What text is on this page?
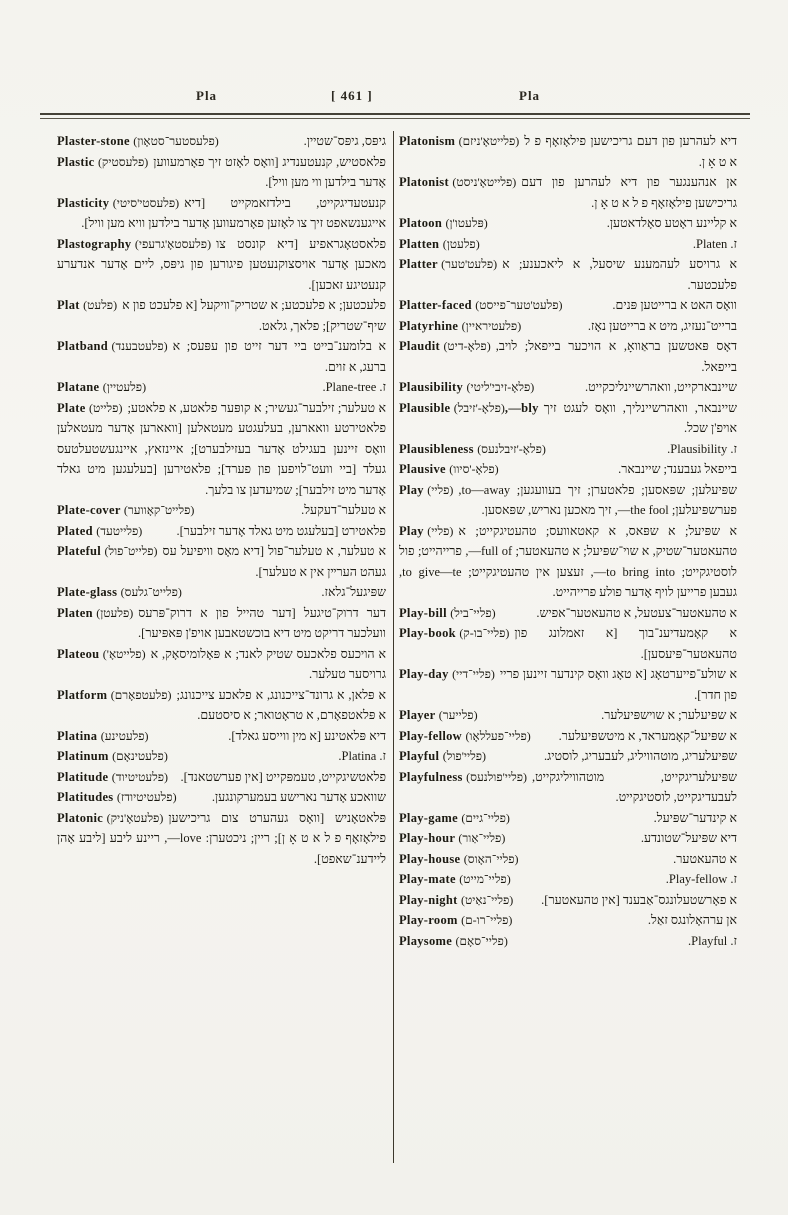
Pla	[ 461 ]	Pla
Plaster-stone (פלעסטער־סטאָון)	גיפּס, גיפּס־שטיין.
Plastic (פלעסטיק) פלאסטיש, קנעטענדיג [וואָס לאָזט זיך פאָרמעווען אָדער בילדען ווי מען וויל].
Plasticity (פלעסטי'סיטי) קנעטעדיגקייט, בילדזאמקייט [דיא אייגענשאפט זיך צו לאָזען פאָרמעווען אָדער בילדען וויא מען וויל].
Plastography (פלעסטאָ'גרעפי) פלאסטאָגראפיע [דיא קונסט צו מאכען אָדער אויסצוקנעטען פיגורען פון גיפּס, ליים אָדער אנדערע קנעטיגע זאכען].
Plat (פלעט) פלעכטען; א פלעכטע; א שטריק־וויקעל [א פלעכט פון א שיף־שטריק]; פלאך, גלאט.
Platband (פלעטבענד) א בלומענ־בייט ביי דער זייט פון עפּעס; א ברעג, א זוים.
Platane (פלעטיין)	ז. Plane-tree.
Plate (פלייט) א טעלער; זילבער־געשיר; א קופּער פלאטע, א פלאטע; פלאטירטע וואארען, בעלעגטע מעטאלען [וואארען אָדער מעטאלען וואָס זיינען בעגילט אָדער בעזילבערט]; איינזאץ, איינגעשטעלטעס געלד [ביי וועט־לויפען פון פערד]; פלאטירען [בעלעגען מיט גאלד אָדער מיט זילבער]; שמיעדען צו בלעך.
Plate-cover (פלייט־קאָווער)	א טעלער־דעקעל.
Plated (פלייטעד)	פלאטירט [בעלעגט מיט גאלד אָדער זילבער].
Plateful (פלייט־פול) א טעלער, א טעלער־פול [דיא מאָס וויפיעל עס געהט הערײן אין א טעלער].
Plate-glass (פלייט־גלעס)	שפּיגעל־גלאז.
Platen (פלעטן) דער דרוק־טיגעל [דער טהייל פון א דרוק־פּרעס וועלכער דריקט מיט דיא בוכשטאבען אויפ'ן פּאפּיער].
Plateou (פלייטאָ') א הויכעס פלאכעס שטיק לאנד; א פּאָלומיסאָק, א גרויסער טעלער.
Platform (פלעטפאָרם) א פּלאן, א גרונד־צייכנונג, א פלאכע צייכנונג; א פּלאטפאָרם, א טראָטואר; א סיסטעם.
Platina (פלעטינע)	דיא פּלאטינע [א מין ווייסע גאלד].
Platinum (פלעטינאָם)	ז. Platina.
Platitude (פלעטיטיוד) פלאטשיגקייט, טעמפּקייט [אין פערשטאנד].
Platitudes (פלעטיטיודז)	שוואכע אָדער נארישע בעמערקונגען.
Platonic (פלעטאָ'ניק) פּלאטאָניש [וואָס געהערט צום גריכישען פילאָזאָף פ ל א ט אָ ן]; ריין; ניכטערן: love—, ריינע ליבע [ליבע אָהן ליידענ־שאפט].
Platonism (פלייטאָ'ניזם) דיא לעהרען פון דעם גריכישען פילאָזאָף פ ל א ט אָ ן.
Platonist (פלייטאָ'ניסט) אן אנהענגער פון דיא לעהרען פון דעם גריכישען פילאָזאָף פ ל א ט אָ ן.
Platoon (פּלעטו'ן)	א קליינע ראָטע סאָלדאטען.
Platten (פלעטן)	ז. Platen.
Platter (פלעט'טער) א גרויסע לעהמענע שיסעל, א ליאכענע; א פלעכטער.
Platter-faced (פלעט'טער־פייסט)	וואָס האט א ברייטען פּנים.
Platyrhine (פלעטיראיין)	ברייט־נעזיג, מיט א ברייטען נאָז.
Plaudit (פלאָ-דיט) דאָס פּאטשען בראַוואָ, א הויכער בייפאל; לויב, בייפאל.
Plausibility (פלאָ-זיבי'ליטי)	שיינבארקייט, וואהרשיינליכקייט.
Plausible (פלאָ-'זיבל),—bly שיינבאר, וואהרשיינליך, וואָס לעגט זיך אויפ'ן שכל.
Plausibleness (פלאָ-'זיבלנעס)	ז. Plausibility.
Plausive (פלאָ-'סיוו)	בייפאל געבענד; שיינבאר.
Play (פליי) שפּיעלען; שפּאסען; פלאטערן; זיך בעוועגען; to—away, פערשפּיעלען; the fool—, זיך מאכען נאריש, שפּאסען.
Play (פליי) א שפּיעל; א שפּאס, א קאטאוועס; טהעטיגקייט; א טהעאטער־שטיק, א שוי־שפּיעל; א טהעאטער; full of—, פרייהייט; פול לוסטיגקייט; to bring into—, זעצען אין טהעטיגקייט; to give—te, געבען פרייען לויף אָדער פולע פרייהייט.
Play-bill (פליי־ביל)	א טהעאטער־צעטעל, א טהעאטער־אפיש.
Play-book (פליי־בו-ק) א קאָמעדיענ־בוך [א זאמלונג פון טהעאטער־פּיעסען].
Play-day (פליי־דיי) א שולע־פייערטאָג [א טאָג וואָס קינדער זיינען פריי פון חדר].
Player (פלייער)	א שפּיעלער; א שוישפּיעלער.
Play-fellow (פליי־פעללאָו)	א שפּיעל־קאָמעראד, א מיטשפּיעלער.
Playful (פליי'פול)	שפּיעלעריג, מוטהוויליג, לעבעריג, לוסטיג.
Playfulness (פליי'פולנעס) שפּיעלעריגקייט, מוטהוויליגקייט, לעבעדיגקייט, לוסטיגקייט.
Play-game (פליי־גיים)	א קינדער־שפּיעל.
Play-hour (פליי־אַור)	דיא שפּיעל־שטונדע.
Play-house (פליי־האָוס)	א טהעאטער.
Play-mate (פליי־מייט)	ז. Play-fellow.
Play-night (פליי־נאַיט)	א פאָרשטעלונגס־אַבענד [אין טהעאטער].
Play-room (פליי־רו-ם)	אן ערהאָלונגס זאַל.
Playsome (פליי־סאָם)	ז. Playful.
